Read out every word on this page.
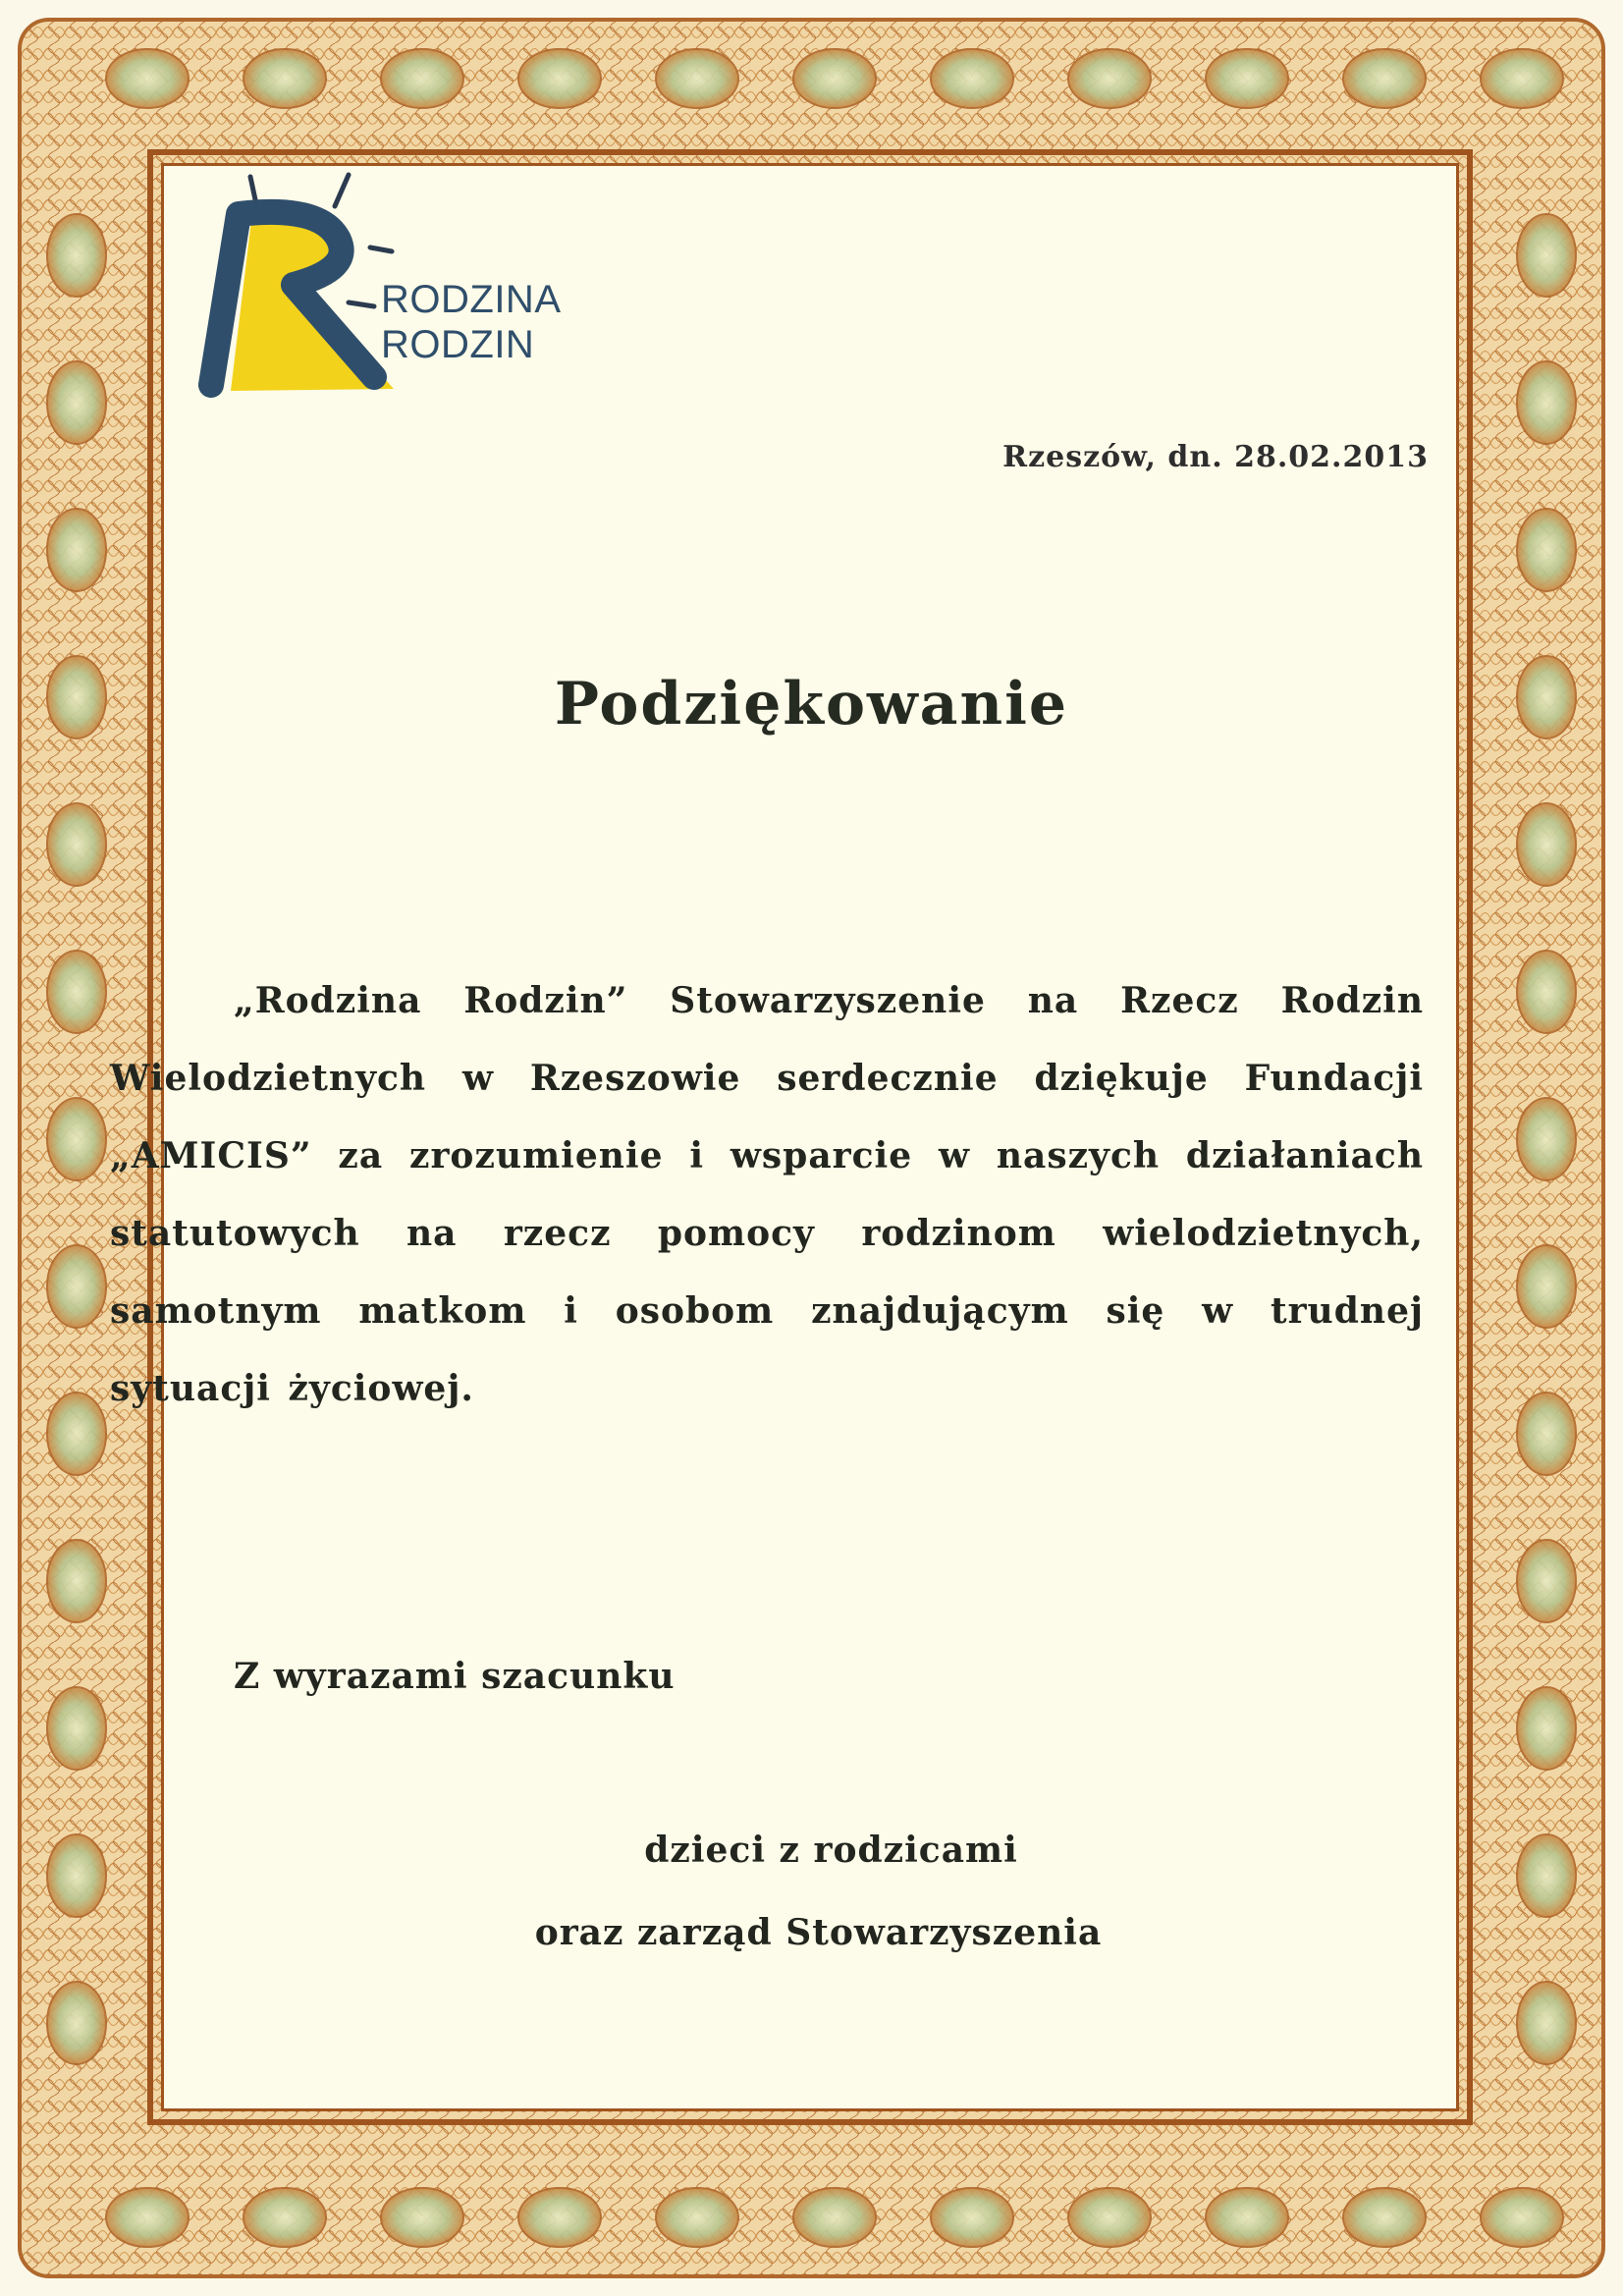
RODZINA
RODZIN
Rzeszów, dn. 28.02.2013
Podziękowanie
„Rodzina Rodzin” Stowarzyszenie na Rzecz Rodzin Wielodzietnych w Rzeszowie serdecznie dziękuje Fundacji „AMICIS” za zrozumienie i wsparcie w naszych działaniach statutowych na rzecz pomocy rodzinom wielodzietnych, samotnym matkom i osobom znajdującym się w trudnej sytuacji życiowej.
Z wyrazami szacunku
dzieci z rodzicami
oraz zarząd Stowarzyszenia
